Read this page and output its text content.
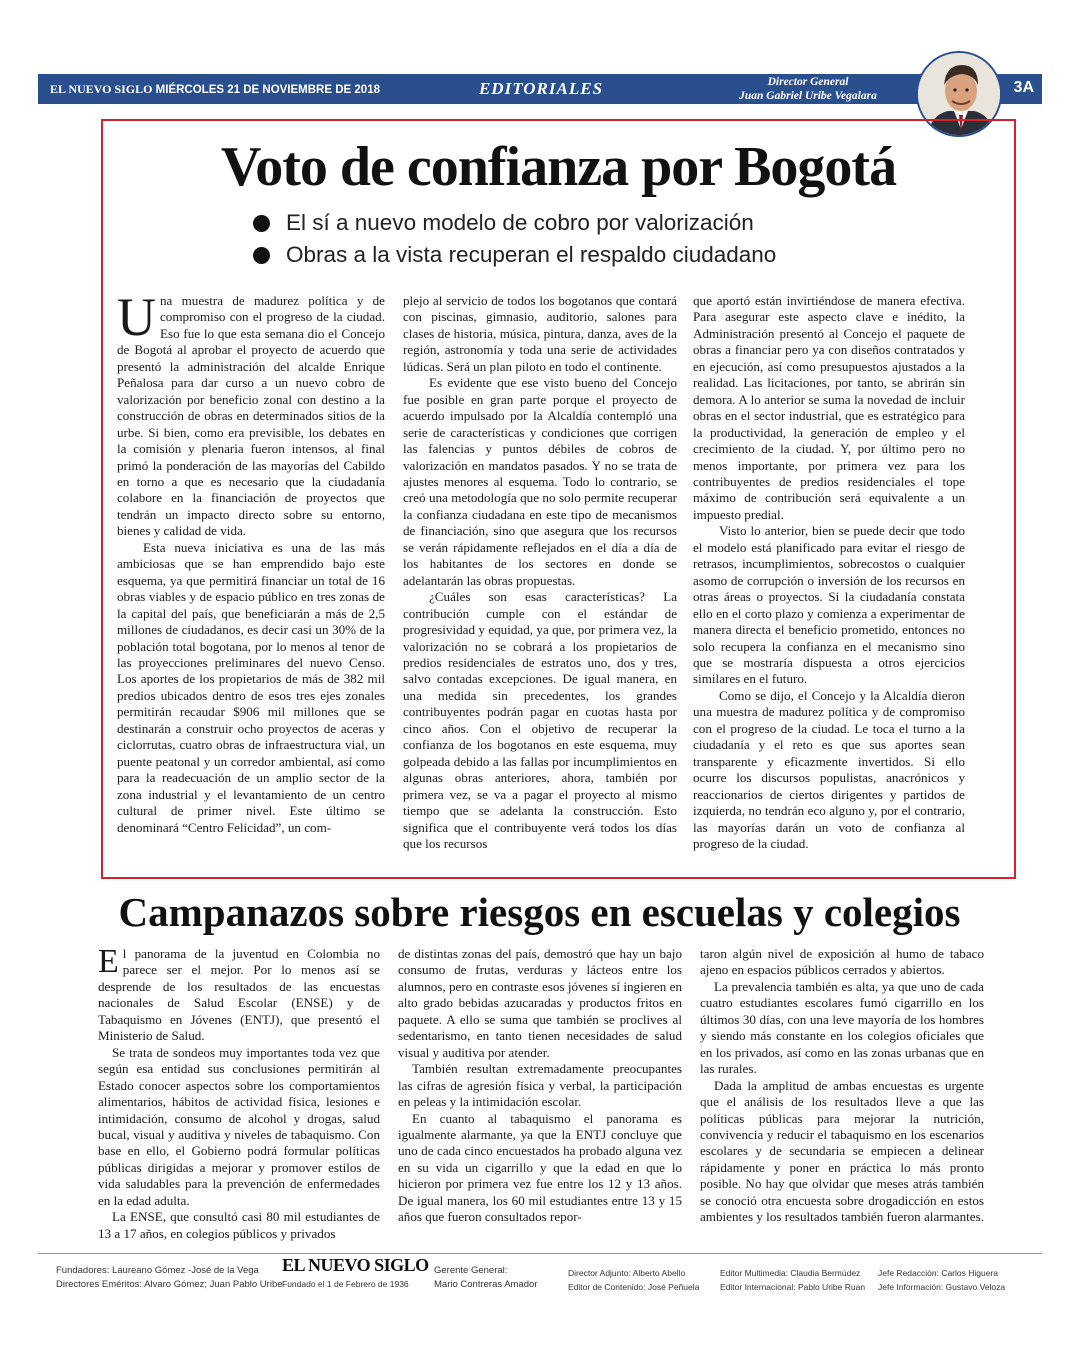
EL NUEVO SIGLO MIÉRCOLES 21 DE NOVIEMBRE DE 2018	EDITORIALES	Director General
Juan Gabriel Uribe Vegalara	3A
Voto de confianza por Bogotá
El sí a nuevo modelo de cobro por valorización
Obras a la vista recuperan el respaldo ciudadano

Una muestra de madurez política y de compromiso con el progreso de la ciudad. Eso fue lo que esta semana dio el Concejo de Bogotá al aprobar el proyecto de acuerdo que presentó la administración del alcalde Enrique Peñalosa para dar curso a un nuevo cobro de valorización por beneficio zonal con destino a la construcción de obras en determinados sitios de la urbe. Si bien, como era previsible, los debates en la comisión y plenaria fueron intensos, al final primó la ponderación de las mayorías del Cabildo en torno a que es necesario que la ciudadanía colabore en la financiación de proyectos que tendrán un impacto directo sobre su entorno, bienes y calidad de vida.

Esta nueva iniciativa es una de las más ambiciosas que se han emprendido bajo este esquema, ya que permitirá financiar un total de 16 obras viables y de espacio público en tres zonas de la capital del país, que beneficiarán a más de 2,5 millones de ciudadanos, es decir casi un 30% de la población total bogotana, por lo menos al tenor de las proyecciones preliminares del nuevo Censo. Los aportes de los propietarios de más de 382 mil predios ubicados dentro de esos tres ejes zonales permitirán recaudar $906 mil millones que se destinarán a construir ocho proyectos de aceras y ciclorrutas, cuatro obras de infraestructura vial, un puente peatonal y un corredor ambiental, así como para la readecuación de un amplio sector de la zona industrial y el levantamiento de un centro cultural de primer nivel. Este último se denominará “Centro Felicidad”, un com-

plejo al servicio de todos los bogotanos que contará con piscinas, gimnasio, auditorio, salones para clases de historia, música, pintura, danza, aves de la región, astronomía y toda una serie de actividades lúdicas. Será un plan piloto en todo el continente.

Es evidente que ese visto bueno del Concejo fue posible en gran parte porque el proyecto de acuerdo impulsado por la Alcaldía contempló una serie de características y condiciones que corrigen las falencias y puntos débiles de cobros de valorización en mandatos pasados. Y no se trata de ajustes menores al esquema. Todo lo contrario, se creó una metodología que no solo permite recuperar la confianza ciudadana en este tipo de mecanismos de financiación, sino que asegura que los recursos se verán rápidamente reflejados en el día a día de los habitantes de los sectores en donde se adelantarán las obras propuestas.

¿Cuáles son esas características? La contribución cumple con el estándar de progresividad y equidad, ya que, por primera vez, la valorización no se cobrará a los propietarios de predios residenciales de estratos uno, dos y tres, salvo contadas excepciones. De igual manera, en una medida sin precedentes, los grandes contribuyentes podrán pagar en cuotas hasta por cinco años. Con el objetivo de recuperar la confianza de los bogotanos en este esquema, muy golpeada debido a las fallas por incumplimientos en algunas obras anteriores, ahora, también por primera vez, se va a pagar el proyecto al mismo tiempo que se adelanta la construcción. Esto significa que el contribuyente verá todos los días que los recursos

que aportó están invirtiéndose de manera efectiva. Para asegurar este aspecto clave e inédito, la Administración presentó al Concejo el paquete de obras a financiar pero ya con diseños contratados y en ejecución, así como presupuestos ajustados a la realidad. Las licitaciones, por tanto, se abrirán sin demora. A lo anterior se suma la novedad de incluir obras en el sector industrial, que es estratégico para la productividad, la generación de empleo y el crecimiento de la ciudad. Y, por último pero no menos importante, por primera vez para los contribuyentes de predios residenciales el tope máximo de contribución será equivalente a un impuesto predial.

Visto lo anterior, bien se puede decir que todo el modelo está planificado para evitar el riesgo de retrasos, incumplimientos, sobrecostos o cualquier asomo de corrupción o inversión de los recursos en otras áreas o proyectos. Si la ciudadanía constata ello en el corto plazo y comienza a experimentar de manera directa el beneficio prometido, entonces no solo recupera la confianza en el mecanismo sino que se mostraría dispuesta a otros ejercicios similares en el futuro.

Como se dijo, el Concejo y la Alcaldía dieron una muestra de madurez política y de compromiso con el progreso de la ciudad. Le toca el turno a la ciudadanía y el reto es que sus aportes sean transparente y eficazmente invertidos. Si ello ocurre los discursos populistas, anacrónicos y reaccionarios de ciertos dirigentes y partidos de izquierda, no tendrán eco alguno y, por el contrario, las mayorías darán un voto de confianza al progreso de la ciudad.

Campanazos sobre riesgos en escuelas y colegios

El panorama de la juventud en Colombia no parece ser el mejor. Por lo menos así se desprende de los resultados de las encuestas nacionales de Salud Escolar (ENSE) y de Tabaquismo en Jóvenes (ENTJ), que presentó el Ministerio de Salud.

Se trata de sondeos muy importantes toda vez que según esa entidad sus conclusiones permitirán al Estado conocer aspectos sobre los comportamientos alimentarios, hábitos de actividad física, lesiones e intimidación, consumo de alcohol y drogas, salud bucal, visual y auditiva y niveles de tabaquismo. Con base en ello, el Gobierno podrá formular políticas públicas dirigidas a mejorar y promover estilos de vida saludables para la prevención de enfermedades en la edad adulta.

La ENSE, que consultó casi 80 mil estudiantes de 13 a 17 años, en colegios públicos y privados

de distintas zonas del país, demostró que hay un bajo consumo de frutas, verduras y lácteos entre los alumnos, pero en contraste esos jóvenes sí ingieren en alto grado bebidas azucaradas y productos fritos en paquete. A ello se suma que también se proclives al sedentarismo, en tanto tienen necesidades de salud visual y auditiva por atender.

También resultan extremadamente preocupantes las cifras de agresión física y verbal, la participación en peleas y la intimidación escolar.

En cuanto al tabaquismo el panorama es igualmente alarmante, ya que la ENTJ concluye que uno de cada cinco encuestados ha probado alguna vez en su vida un cigarrillo y que la edad en que lo hicieron por primera vez fue entre los 12 y 13 años. De igual manera, los 60 mil estudiantes entre 13 y 15 años que fueron consultados repor-

taron algún nivel de exposición al humo de tabaco ajeno en espacios públicos cerrados y abiertos.

La prevalencia también es alta, ya que uno de cada cuatro estudiantes escolares fumó cigarrillo en los últimos 30 días, con una leve mayoría de los hombres y siendo más constante en los colegios oficiales que en los privados, así como en las zonas urbanas que en las rurales.

Dada la amplitud de ambas encuestas es urgente que el análisis de los resultados lleve a que las políticas públicas para mejorar la nutrición, convivencia y reducir el tabaquismo en los escenarios escolares y de secundaria se empiecen a delinear rápidamente y poner en práctica lo más pronto posible. No hay que olvidar que meses atrás también se conoció otra encuesta sobre drogadicción en estos ambientes y los resultados también fueron alarmantes.

Fundadores: Laureano Gómez -José de la Vega
Directores Eméritos: Alvaro Gómez; Juan Pablo Uribe
EL NUEVO SIGLO
Fundado el 1 de Febrero de 1936
Gerente General:
Mario Contreras Amador
Director Adjunto: Alberto Abello
Editor de Contenido: José Peñuela
Editor Multimedia: Claudia Bermúdez
Editor Internacional: Pablo Uribe Ruan
Jefe Redacción: Carlos Higuera
Jefe Información: Gustavo Veloza
